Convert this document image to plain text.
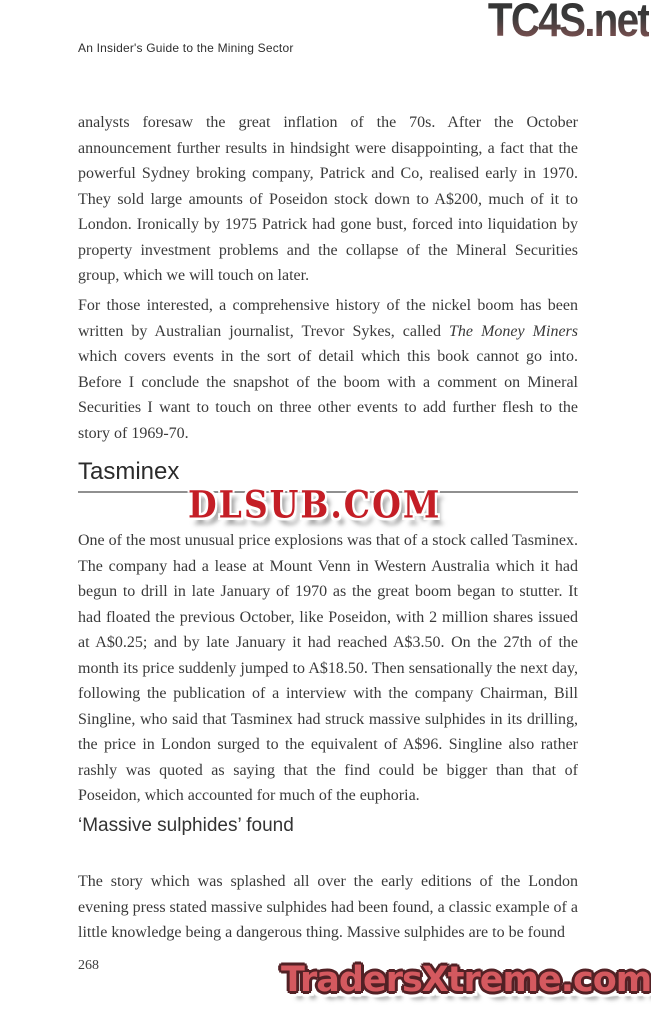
An Insider's Guide to the Mining Sector
TC4S.net

analysts foresaw the great inflation of the 70s. After the October announcement further results in hindsight were disappointing, a fact that the powerful Sydney broking company, Patrick and Co, realised early in 1970. They sold large amounts of Poseidon stock down to A$200, much of it to London. Ironically by 1975 Patrick had gone bust, forced into liquidation by property investment problems and the collapse of the Mineral Securities group, which we will touch on later.

For those interested, a comprehensive history of the nickel boom has been written by Australian journalist, Trevor Sykes, called The Money Miners which covers events in the sort of detail which this book cannot go into. Before I conclude the snapshot of the boom with a comment on Mineral Securities I want to touch on three other events to add further flesh to the story of 1969-70.

Tasminex
DLSUB.COM

One of the most unusual price explosions was that of a stock called Tasminex. The company had a lease at Mount Venn in Western Australia which it had begun to drill in late January of 1970 as the great boom began to stutter. It had floated the previous October, like Poseidon, with 2 million shares issued at A$0.25; and by late January it had reached A$3.50. On the 27th of the month its price suddenly jumped to A$18.50. Then sensationally the next day, following the publication of a interview with the company Chairman, Bill Singline, who said that Tasminex had struck massive sulphides in its drilling, the price in London surged to the equivalent of A$96. Singline also rather rashly was quoted as saying that the find could be bigger than that of Poseidon, which accounted for much of the euphoria.

‘Massive sulphides’ found

The story which was splashed all over the early editions of the London evening press stated massive sulphides had been found, a classic example of a little knowledge being a dangerous thing. Massive sulphides are to be found

268	TradersXtreme.com
